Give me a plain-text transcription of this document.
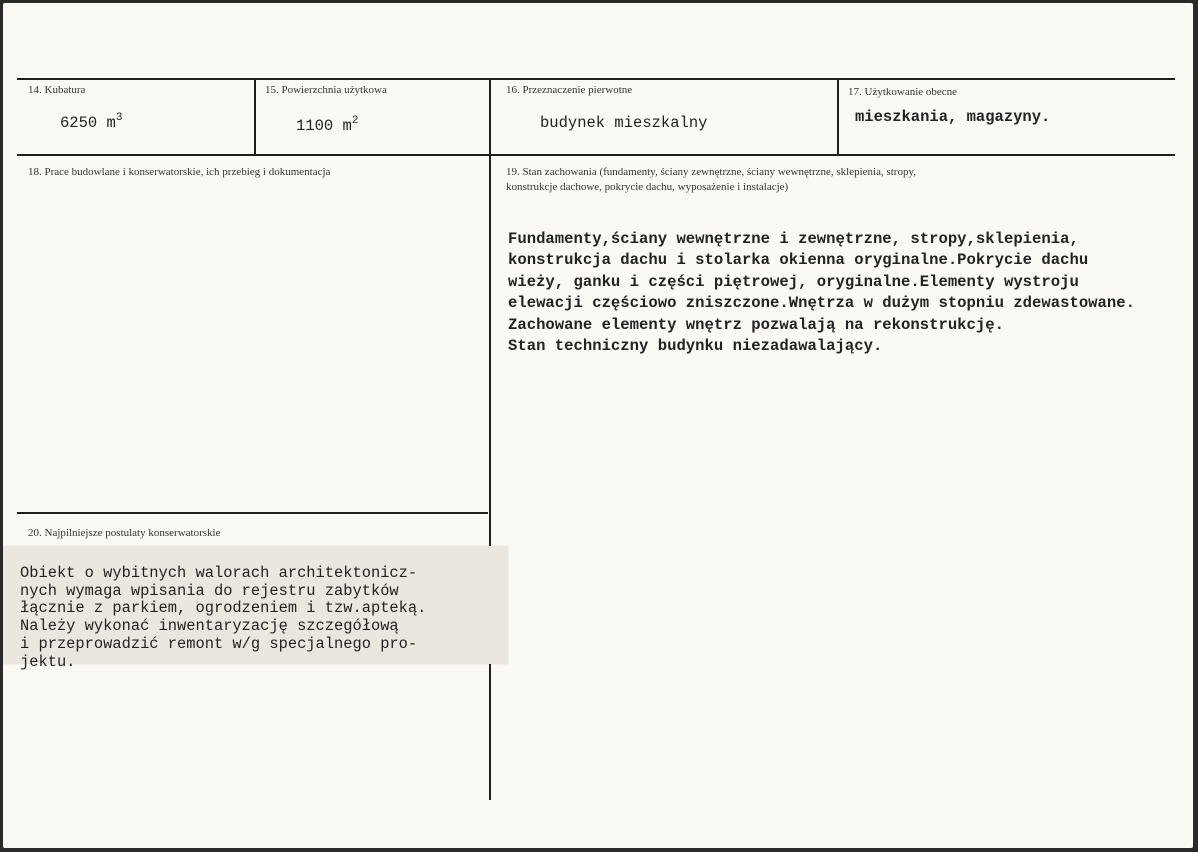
14. Kubatura
6250 $m^3$
15. Powierzchnia użytkowa
1100 $m^2$
16. Przeznaczenie pierwotne
budynek mieszkalny
17. Użytkowanie obecne
mieszkania, magazyny.
18. Prace budowlane i konserwatorskie, ich przebieg i dokumentacja	19. Stan zachowania (fundamenty, ściany zewnętrzne, ściany wewnętrzne, sklepienia, stropy,
konstrukcje dachowe, pokrycie dachu, wyposażenie i instalacje)

Fundamenty,ściany wewnętrzne i zewnętrzne, stropy,sklepienia,
konstrukcja dachu i stolarka okienna oryginalne.Pokrycie dachu
wieży, ganku i części piętrowej, oryginalne.Elementy wystroju
elewacji częściowo zniszczone.Wnętrza w dużym stopniu zdewastowane.
Zachowane elementy wnętrz pozwalają na rekonstrukcję.
Stan techniczny budynku niezadawalający.

20. Najpilniejsze postulaty konserwatorskie

Obiekt o wybitnych walorach architektonicz-
nych wymaga wpisania do rejestru zabytków
łącznie z parkiem, ogrodzeniem i tzw.apteką.
Należy wykonać inwentaryzację szczegółową
i przeprowadzić remont w/g specjalnego pro-
jektu.
